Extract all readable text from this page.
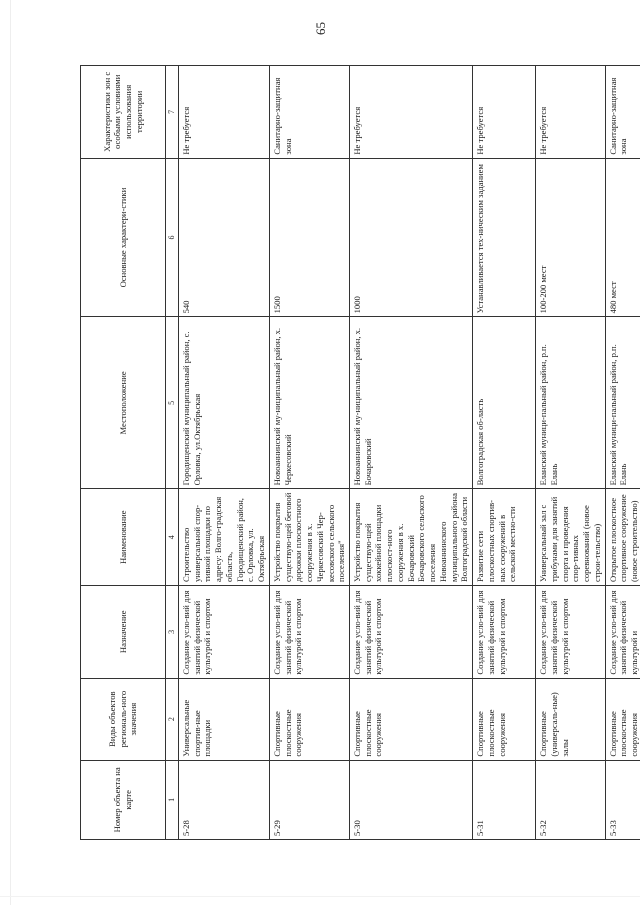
65
Номер объекта на карте	Виды объектов региональ-ного значения	Назначение	Наименование	Местоположение	Основные характери-стики	Характеристики зон с особыми условиями использования территории
1	2	3	4	5	6	7
5-28	Универсальные спортив-ные площадки	Создание усло-вий для занятий физической культурой и спортом	Строительство универсальной спор-тивной площадки по адресу: Волго-градская область, Городищенский район, с. Орловка, ул. Октябрьская	Городищенский муниципальный район, с. Орловка, ул.Октябрьская	540	Не требуется
5-29	Спортивные плоскостные сооружения	Создание усло-вий для занятий физической культурой и спортом	Устройство покрытия существую-щей беговой дорожки плоскостного сооружения в х. Черкесовский Чер-кесовского сельского поселения"	Новоаннинский му-ниципальный район, х. Черкесовский	1500	Санитарно-защитная зона
5-30	Спортивные плоскостные сооружения	Создание усло-вий для занятий физической культурой и спортом	Устройство покрытия существую-щей хоккейной площадки плоскост-ного сооружения в х. Бочаровский Бочаровского сельского поселения Новоаннинского муниципального района Волгоградской области	Новоаннинский му-ниципальный район, х. Бочаровский	1000	Не требуется
5-31	Спортивные плоскостные сооружения	Создание усло-вий для занятий физической культурой и спортом	Развитие сети плоскостных спортив-ных сооружений в сельской местно-сти	Волгоградская об-ласть	Устанавливается тех-ническим заданием	Не требуется
5-32	Спортивные (универсаль-ные) залы	Создание усло-вий для занятий физической культурой и спортом	Универсальный зал с трибунами для занятий спорта и проведения спор-тивных соревнований (новое строи-тельство)	Еланский муници-пальный район, р.п. Елань	100-200 мест	Не требуется
5-33	Спортивные плоскостные сооружения	Создание усло-вий для занятий физической культурой и	Открытое плоскостное спортивное сооружение (новое строительство)	Еланский муници-пальный район, р.п. Елань	480 мест	Санитарно-защитная зона
